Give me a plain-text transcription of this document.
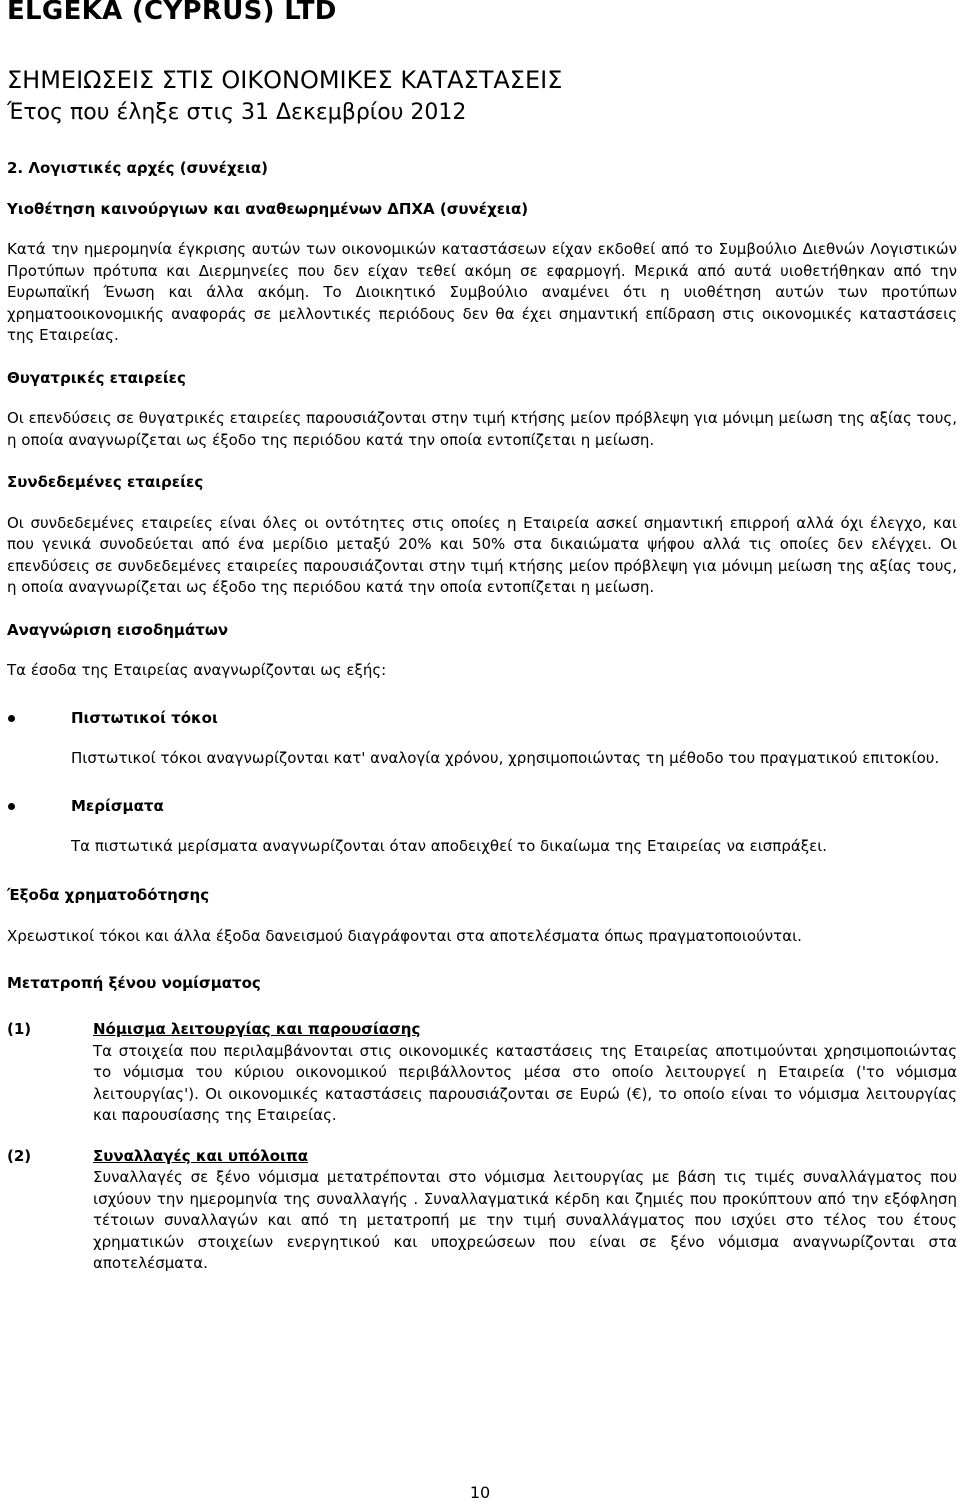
ELGEKA (CYPRUS) LTD
ΣΗΜΕΙΩΣΕΙΣ ΣΤΙΣ ΟΙΚΟΝΟΜΙΚΕΣ ΚΑΤΑΣΤΑΣΕΙΣ
Έτος που έληξε στις 31 Δεκεμβρίου 2012

2. Λογιστικές αρχές (συνέχεια)

Υιοθέτηση καινούργιων και αναθεωρημένων ΔΠΧΑ (συνέχεια)

Κατά την ημερομηνία έγκρισης αυτών των οικονομικών καταστάσεων είχαν εκδοθεί από το Συμβούλιο Διεθνών Λογιστικών Προτύπων πρότυπα και Διερμηνείες που δεν είχαν τεθεί ακόμη σε εφαρμογή. Μερικά από αυτά υιοθετήθηκαν από την Ευρωπαϊκή Ένωση και άλλα ακόμη. Το Διοικητικό Συμβούλιο αναμένει ότι η υιοθέτηση αυτών των προτύπων χρηματοοικονομικής αναφοράς σε μελλοντικές περιόδους δεν θα έχει σημαντική επίδραση στις οικονομικές καταστάσεις της Εταιρείας.

Θυγατρικές εταιρείες

Οι επενδύσεις σε θυγατρικές εταιρείες παρουσιάζονται στην τιμή κτήσης μείον πρόβλεψη για μόνιμη μείωση της αξίας τους, η οποία αναγνωρίζεται ως έξοδο της περιόδου κατά την οποία εντοπίζεται η μείωση.

Συνδεδεμένες εταιρείες

Οι συνδεδεμένες εταιρείες είναι όλες οι οντότητες στις οποίες η Εταιρεία ασκεί σημαντική επιρροή αλλά όχι έλεγχο, και που γενικά συνοδεύεται από ένα μερίδιο μεταξύ 20% και 50% στα δικαιώματα ψήφου αλλά τις οποίες δεν ελέγχει. Οι επενδύσεις σε συνδεδεμένες εταιρείες παρουσιάζονται στην τιμή κτήσης μείον πρόβλεψη για μόνιμη μείωση της αξίας τους, η οποία αναγνωρίζεται ως έξοδο της περιόδου κατά την οποία εντοπίζεται η μείωση.

Αναγνώριση εισοδημάτων

Τα έσοδα της Εταιρείας αναγνωρίζονται ως εξής:

Πιστωτικοί τόκοι

Πιστωτικοί τόκοι αναγνωρίζονται κατ' αναλογία χρόνου, χρησιμοποιώντας τη μέθοδο του πραγματικού επιτοκίου.

Μερίσματα

Τα πιστωτικά μερίσματα αναγνωρίζονται όταν αποδειχθεί το δικαίωμα της Εταιρείας να εισπράξει.

Έξοδα χρηματοδότησης

Χρεωστικοί τόκοι και άλλα έξοδα δανεισμού διαγράφονται στα αποτελέσματα όπως πραγματοποιούνται.

Μετατροπή ξένου νομίσματος

(1)	Νόμισμα λειτουργίας και παρουσίασης

Τα στοιχεία που περιλαμβάνονται στις οικονομικές καταστάσεις της Εταιρείας αποτιμούνται χρησιμοποιώντας το νόμισμα του κύριου οικονομικού περιβάλλοντος μέσα στο οποίο λειτουργεί η Εταιρεία ('το νόμισμα λειτουργίας'). Οι οικονομικές καταστάσεις παρουσιάζονται σε Ευρώ (€), το οποίο είναι το νόμισμα λειτουργίας και παρουσίασης της Εταιρείας.

(2)	Συναλλαγές και υπόλοιπα

Συναλλαγές σε ξένο νόμισμα μετατρέπονται στο νόμισμα λειτουργίας με βάση τις τιμές συναλλάγματος που ισχύουν την ημερομηνία της συναλλαγής . Συναλλαγματικά κέρδη και ζημιές που προκύπτουν από την εξόφληση τέτοιων συναλλαγών και από τη μετατροπή με την τιμή συναλλάγματος που ισχύει στο τέλος του έτους χρηματικών στοιχείων ενεργητικού και υποχρεώσεων που είναι σε ξένο νόμισμα αναγνωρίζονται στα αποτελέσματα.

10
